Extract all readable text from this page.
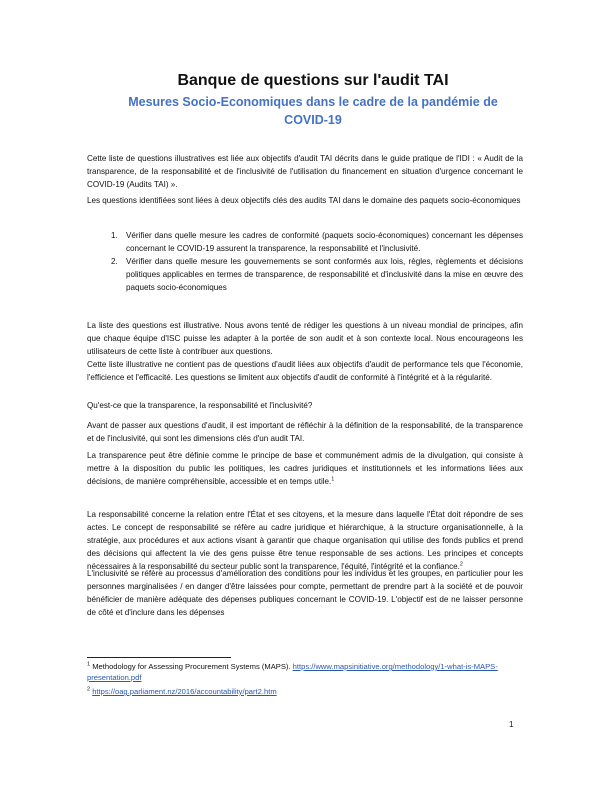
Banque de questions sur l'audit TAI
Mesures Socio-Economiques dans le cadre de la pandémie de COVID-19
Cette liste de questions illustratives est liée aux objectifs d'audit TAI décrits dans le guide pratique de l'IDI : « Audit de la transparence, de la responsabilité et de l'inclusivité de l'utilisation du financement en situation d'urgence concernant le COVID-19 (Audits TAI) ».
Les questions identifiées sont liées à deux objectifs clés des audits TAI dans le domaine des paquets socio-économiques
1. Vérifier dans quelle mesure les cadres de conformité (paquets socio-économiques) concernant les dépenses concernant le COVID-19 assurent la transparence, la responsabilité et l'inclusivité.
2. Vérifier dans quelle mesure les gouvernements se sont conformés aux lois, règles, règlements et décisions politiques applicables en termes de transparence, de responsabilité et d'inclusivité dans la mise en œuvre des paquets socio-économiques
La liste des questions est illustrative. Nous avons tenté de rédiger les questions à un niveau mondial de principes, afin que chaque équipe d'ISC puisse les adapter à la portée de son audit et à son contexte local. Nous encourageons les utilisateurs de cette liste à contribuer aux questions.
Cette liste illustrative ne contient pas de questions d'audit liées aux objectifs d'audit de performance tels que l'économie, l'efficience et l'efficacité. Les questions se limitent aux objectifs d'audit de conformité à l'intégrité et à la régularité.
Qu'est-ce que la transparence, la responsabilité et l'inclusivité?
Avant de passer aux questions d'audit, il est important de réfléchir à la définition de la responsabilité, de la transparence et de l'inclusivité, qui sont les dimensions clés d'un audit TAI.
La transparence peut être définie comme le principe de base et communément admis de la divulgation, qui consiste à mettre à la disposition du public les politiques, les cadres juridiques et institutionnels et les informations liées aux décisions, de manière compréhensible, accessible et en temps utile.$^1$
La responsabilité concerne la relation entre l'État et ses citoyens, et la mesure dans laquelle l'État doit répondre de ses actes. Le concept de responsabilité se réfère au cadre juridique et hiérarchique, à la structure organisationnelle, à la stratégie, aux procédures et aux actions visant à garantir que chaque organisation qui utilise des fonds publics et prend des décisions qui affectent la vie des gens puisse être tenue responsable de ses actions. Les principes et concepts nécessaires à la responsabilité du secteur public sont la transparence, l'équité, l'intégrité et la confiance.$^2$
L'inclusivité se réfère au processus d'amélioration des conditions pour les individus et les groupes, en particulier pour les personnes marginalisées / en danger d'être laissées pour compte, permettant de prendre part à la société et de pouvoir bénéficier de manière adéquate des dépenses publiques concernant le COVID-19. L'objectif est de ne laisser personne de côté et d'inclure dans les dépenses
$^1$ Methodology for Assessing Procurement Systems (MAPS). https://www.mapsinitiative.org/methodology/1-what-is-MAPS-presentation.pdf
$^2$ https://oag.parliament.nz/2016/accountability/part2.htm
1
